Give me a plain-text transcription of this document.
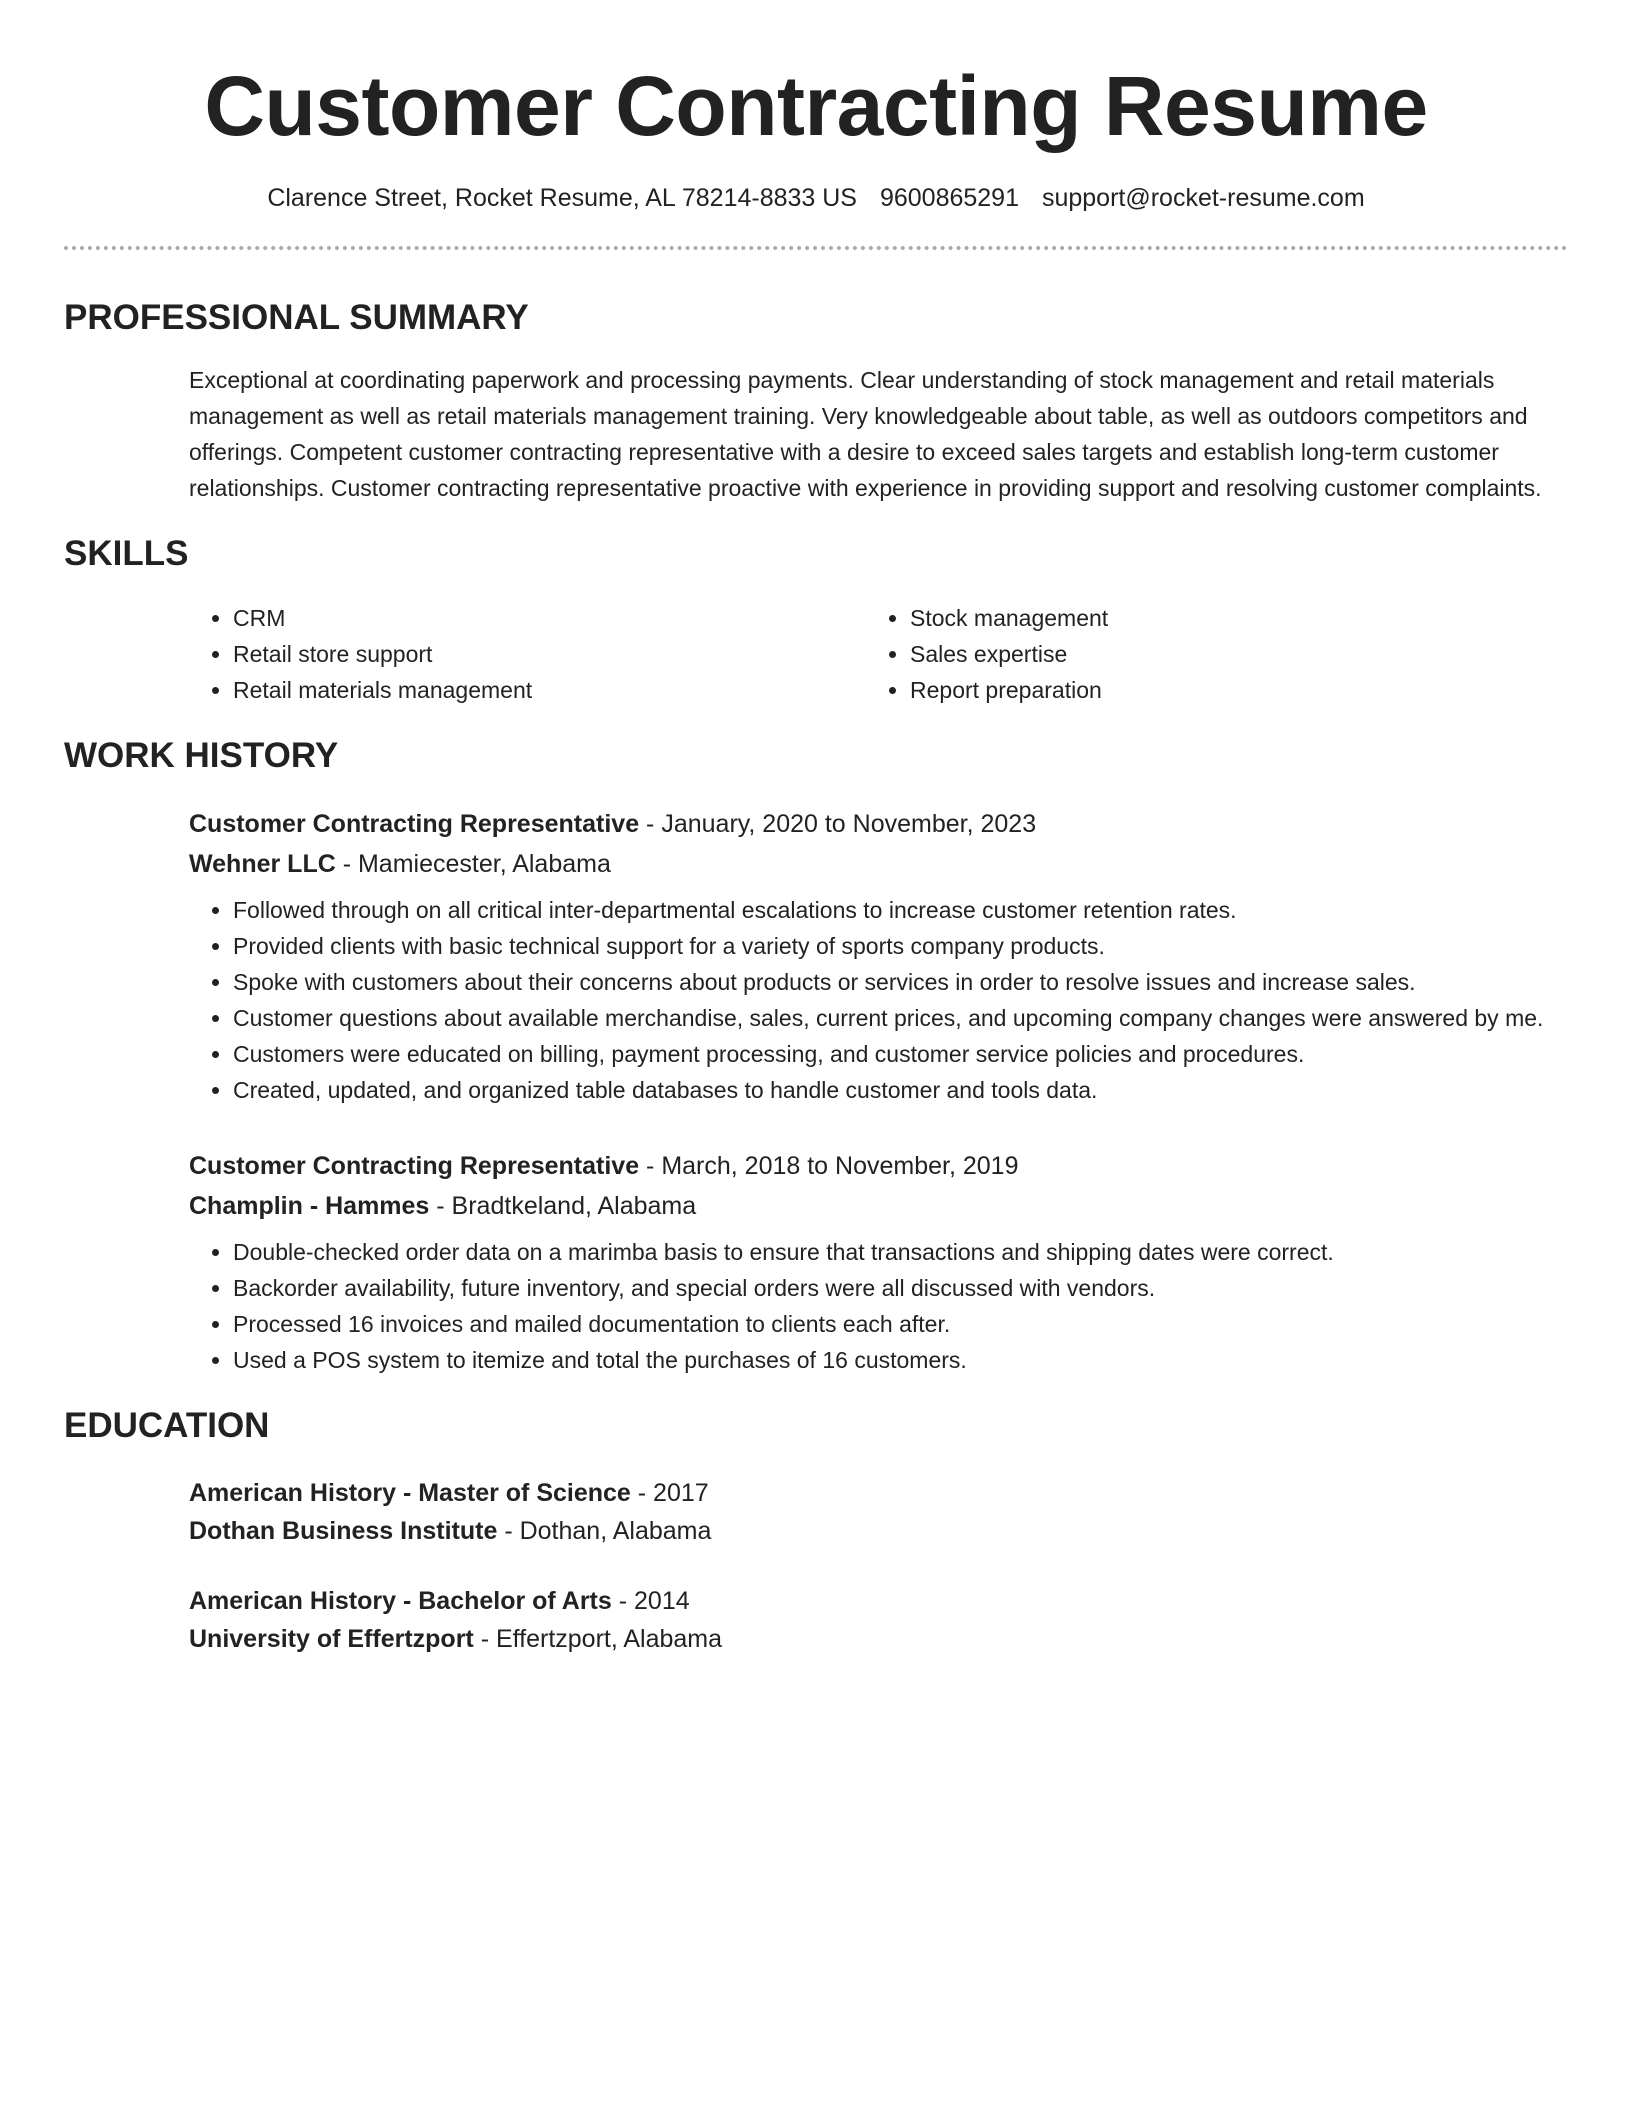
Customer Contracting Resume
Clarence Street, Rocket Resume, AL 78214-8833 US 9600865291 support@rocket-resume.com
PROFESSIONAL SUMMARY
Exceptional at coordinating paperwork and processing payments. Clear understanding of stock management and retail materials management as well as retail materials management training. Very knowledgeable about table, as well as outdoors competitors and offerings. Competent customer contracting representative with a desire to exceed sales targets and establish long-term customer relationships. Customer contracting representative proactive with experience in providing support and resolving customer complaints.
SKILLS
• CRM
• Retail store support
• Retail materials management
• Stock management
• Sales expertise
• Report preparation
WORK HISTORY
Customer Contracting Representative - January, 2020 to November, 2023
Wehner LLC - Mamiecester, Alabama
• Followed through on all critical inter-departmental escalations to increase customer retention rates.
• Provided clients with basic technical support for a variety of sports company products.
• Spoke with customers about their concerns about products or services in order to resolve issues and increase sales.
• Customer questions about available merchandise, sales, current prices, and upcoming company changes were answered by me.
• Customers were educated on billing, payment processing, and customer service policies and procedures.
• Created, updated, and organized table databases to handle customer and tools data.
Customer Contracting Representative - March, 2018 to November, 2019
Champlin - Hammes - Bradtkeland, Alabama
• Double-checked order data on a marimba basis to ensure that transactions and shipping dates were correct.
• Backorder availability, future inventory, and special orders were all discussed with vendors.
• Processed 16 invoices and mailed documentation to clients each after.
• Used a POS system to itemize and total the purchases of 16 customers.
EDUCATION
American History - Master of Science - 2017
Dothan Business Institute - Dothan, Alabama
American History - Bachelor of Arts - 2014
University of Effertzport - Effertzport, Alabama
